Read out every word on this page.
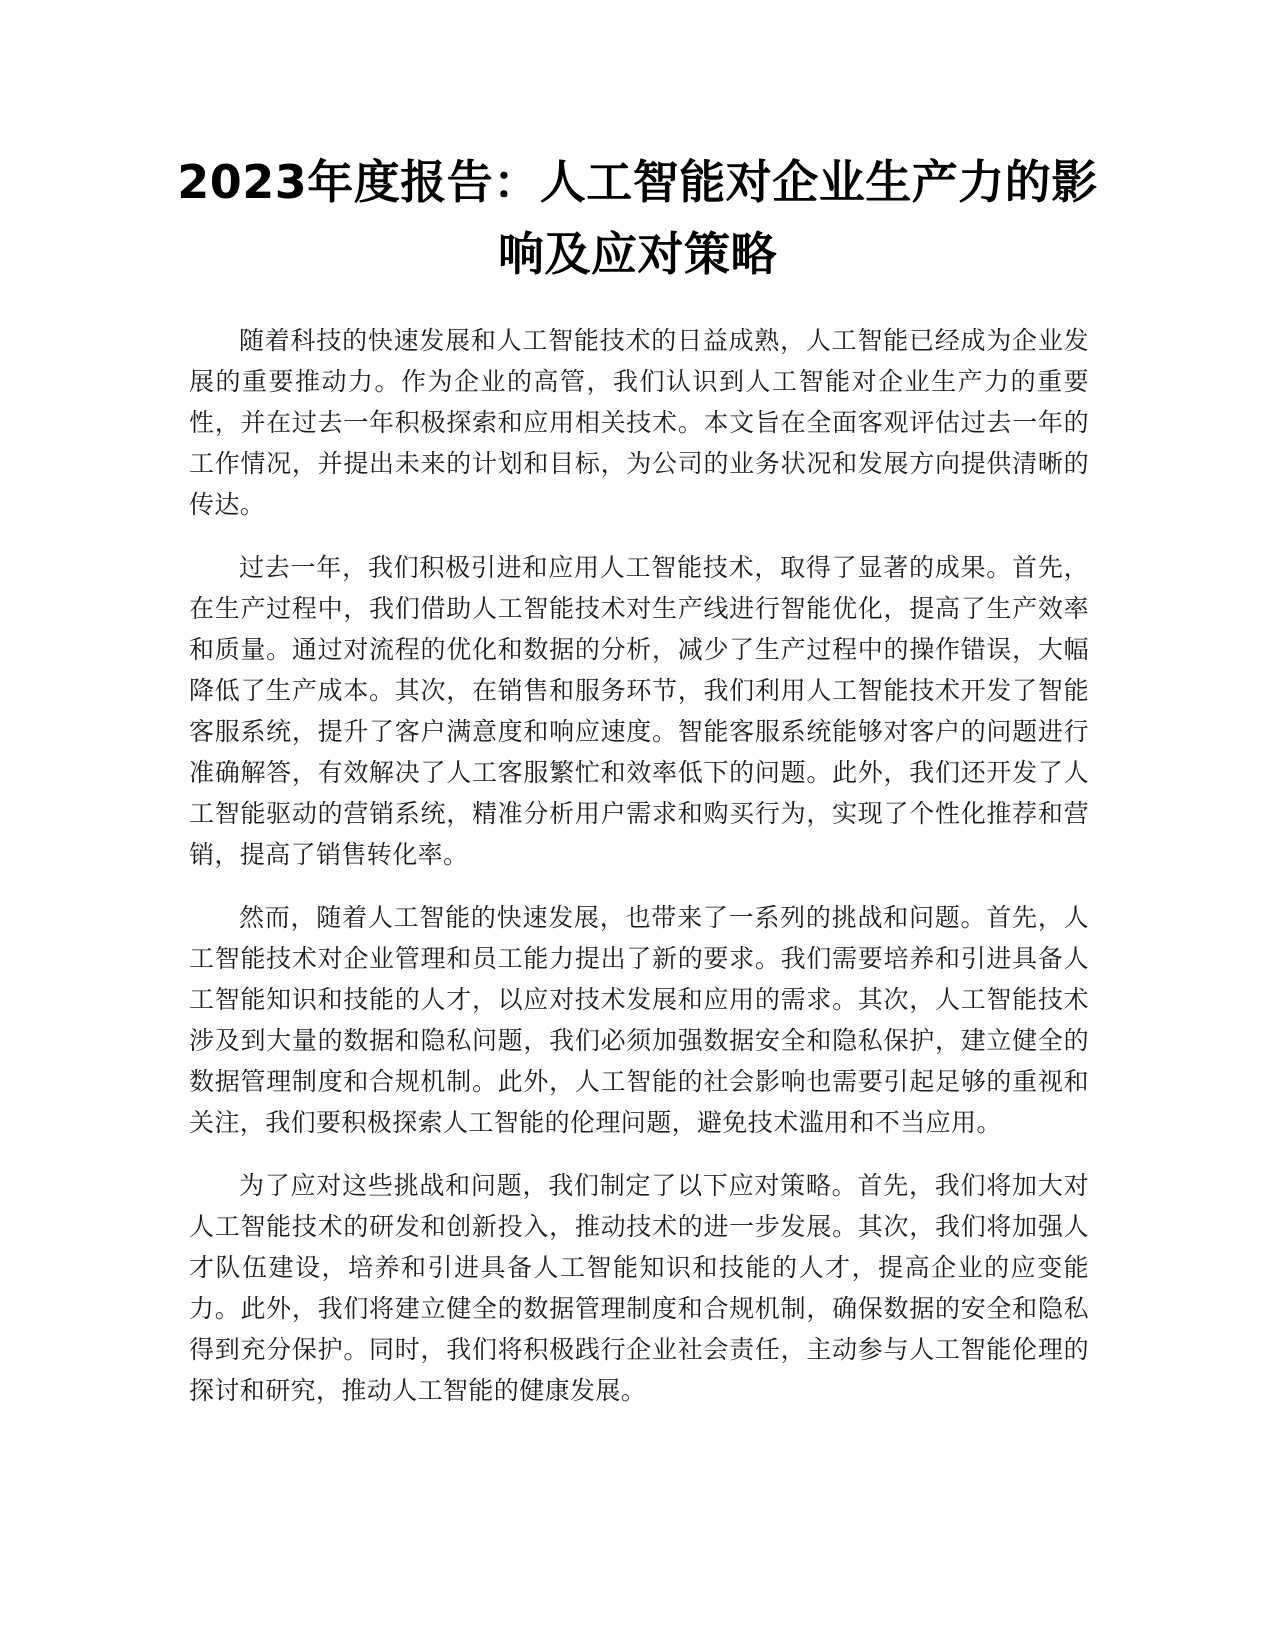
2023年度报告：人工智能对企业生产力的影响及应对策略

随着科技的快速发展和人工智能技术的日益成熟，人工智能已经成为企业发展的重要推动力。作为企业的高管，我们认识到人工智能对企业生产力的重要性，并在过去一年积极探索和应用相关技术。本文旨在全面客观评估过去一年的工作情况，并提出未来的计划和目标，为公司的业务状况和发展方向提供清晰的传达。

过去一年，我们积极引进和应用人工智能技术，取得了显著的成果。首先，在生产过程中，我们借助人工智能技术对生产线进行智能优化，提高了生产效率和质量。通过对流程的优化和数据的分析，减少了生产过程中的操作错误，大幅降低了生产成本。其次，在销售和服务环节，我们利用人工智能技术开发了智能客服系统，提升了客户满意度和响应速度。智能客服系统能够对客户的问题进行准确解答，有效解决了人工客服繁忙和效率低下的问题。此外，我们还开发了人工智能驱动的营销系统，精准分析用户需求和购买行为，实现了个性化推荐和营销，提高了销售转化率。

然而，随着人工智能的快速发展，也带来了一系列的挑战和问题。首先，人工智能技术对企业管理和员工能力提出了新的要求。我们需要培养和引进具备人工智能知识和技能的人才，以应对技术发展和应用的需求。其次，人工智能技术涉及到大量的数据和隐私问题，我们必须加强数据安全和隐私保护，建立健全的数据管理制度和合规机制。此外，人工智能的社会影响也需要引起足够的重视和关注，我们要积极探索人工智能的伦理问题，避免技术滥用和不当应用。

为了应对这些挑战和问题，我们制定了以下应对策略。首先，我们将加大对人工智能技术的研发和创新投入，推动技术的进一步发展。其次，我们将加强人才队伍建设，培养和引进具备人工智能知识和技能的人才，提高企业的应变能力。此外，我们将建立健全的数据管理制度和合规机制，确保数据的安全和隐私得到充分保护。同时，我们将积极践行企业社会责任，主动参与人工智能伦理的探讨和研究，推动人工智能的健康发展。
